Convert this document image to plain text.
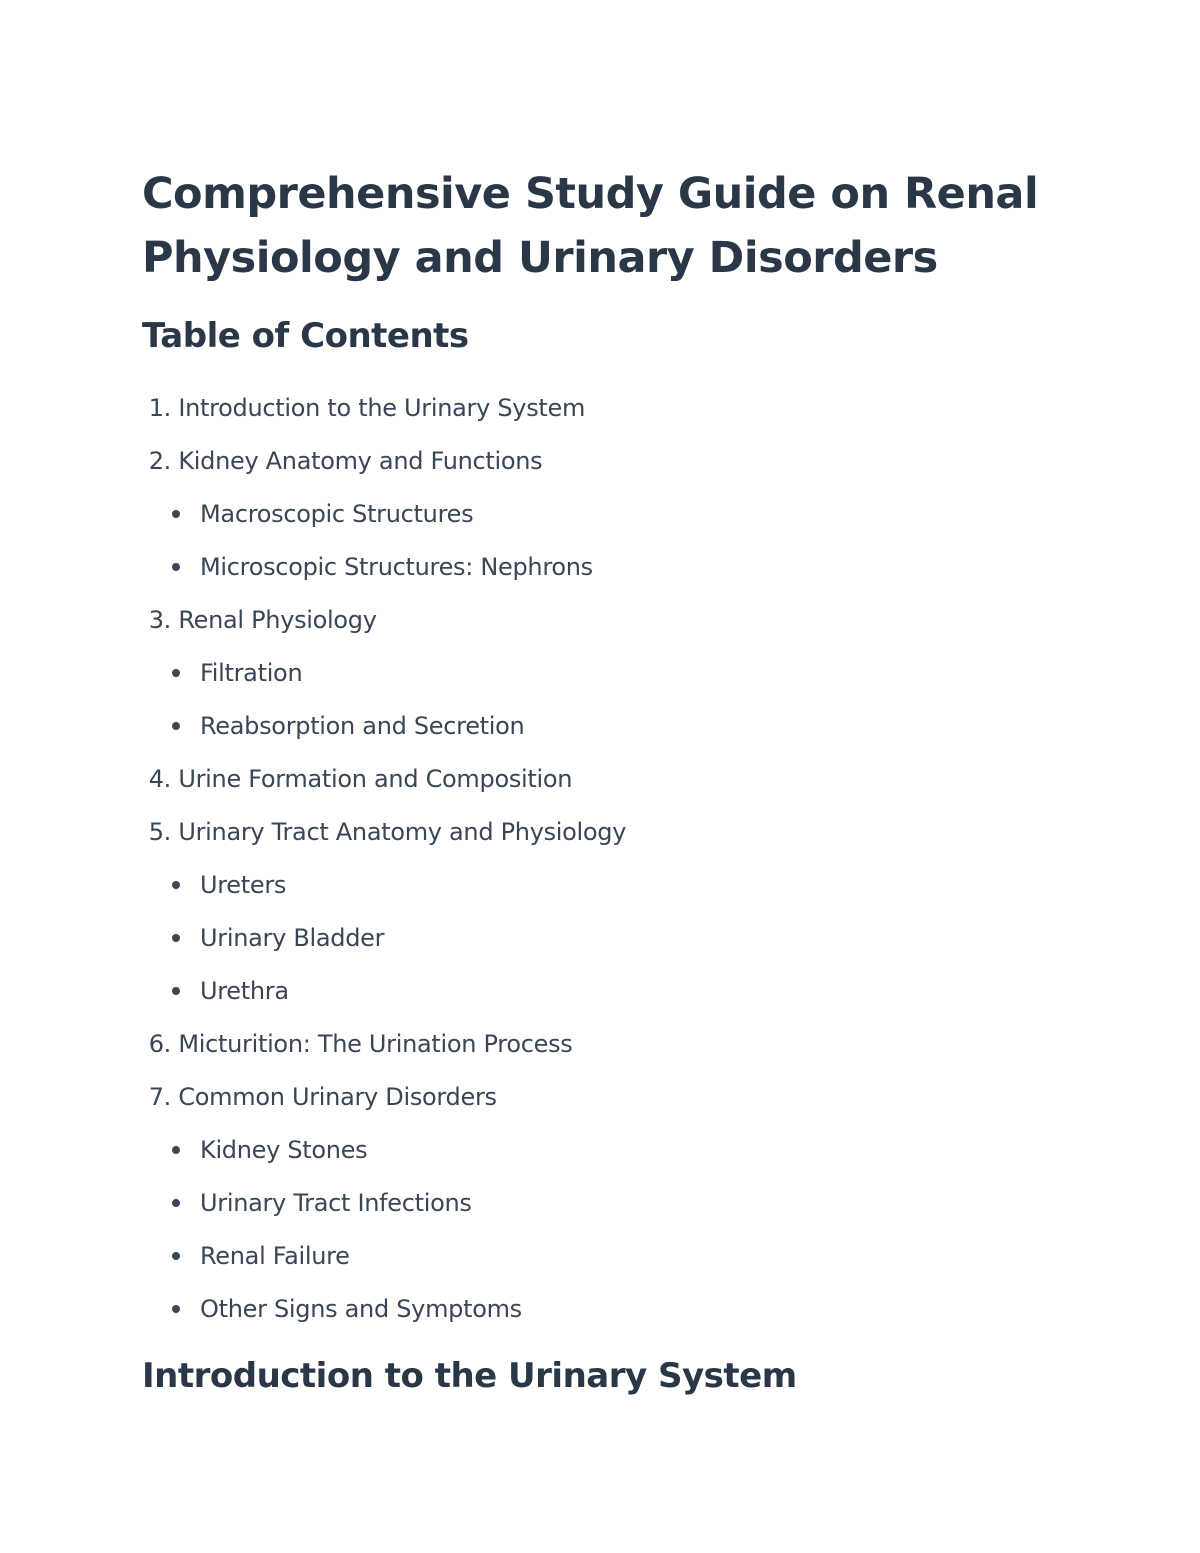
Comprehensive Study Guide on Renal Physiology and Urinary Disorders
Table of Contents
1. Introduction to the Urinary System
2. Kidney Anatomy and Functions
Macroscopic Structures
Microscopic Structures: Nephrons
3. Renal Physiology
Filtration
Reabsorption and Secretion
4. Urine Formation and Composition
5. Urinary Tract Anatomy and Physiology
Ureters
Urinary Bladder
Urethra
6. Micturition: The Urination Process
7. Common Urinary Disorders
Kidney Stones
Urinary Tract Infections
Renal Failure
Other Signs and Symptoms
Introduction to the Urinary System
